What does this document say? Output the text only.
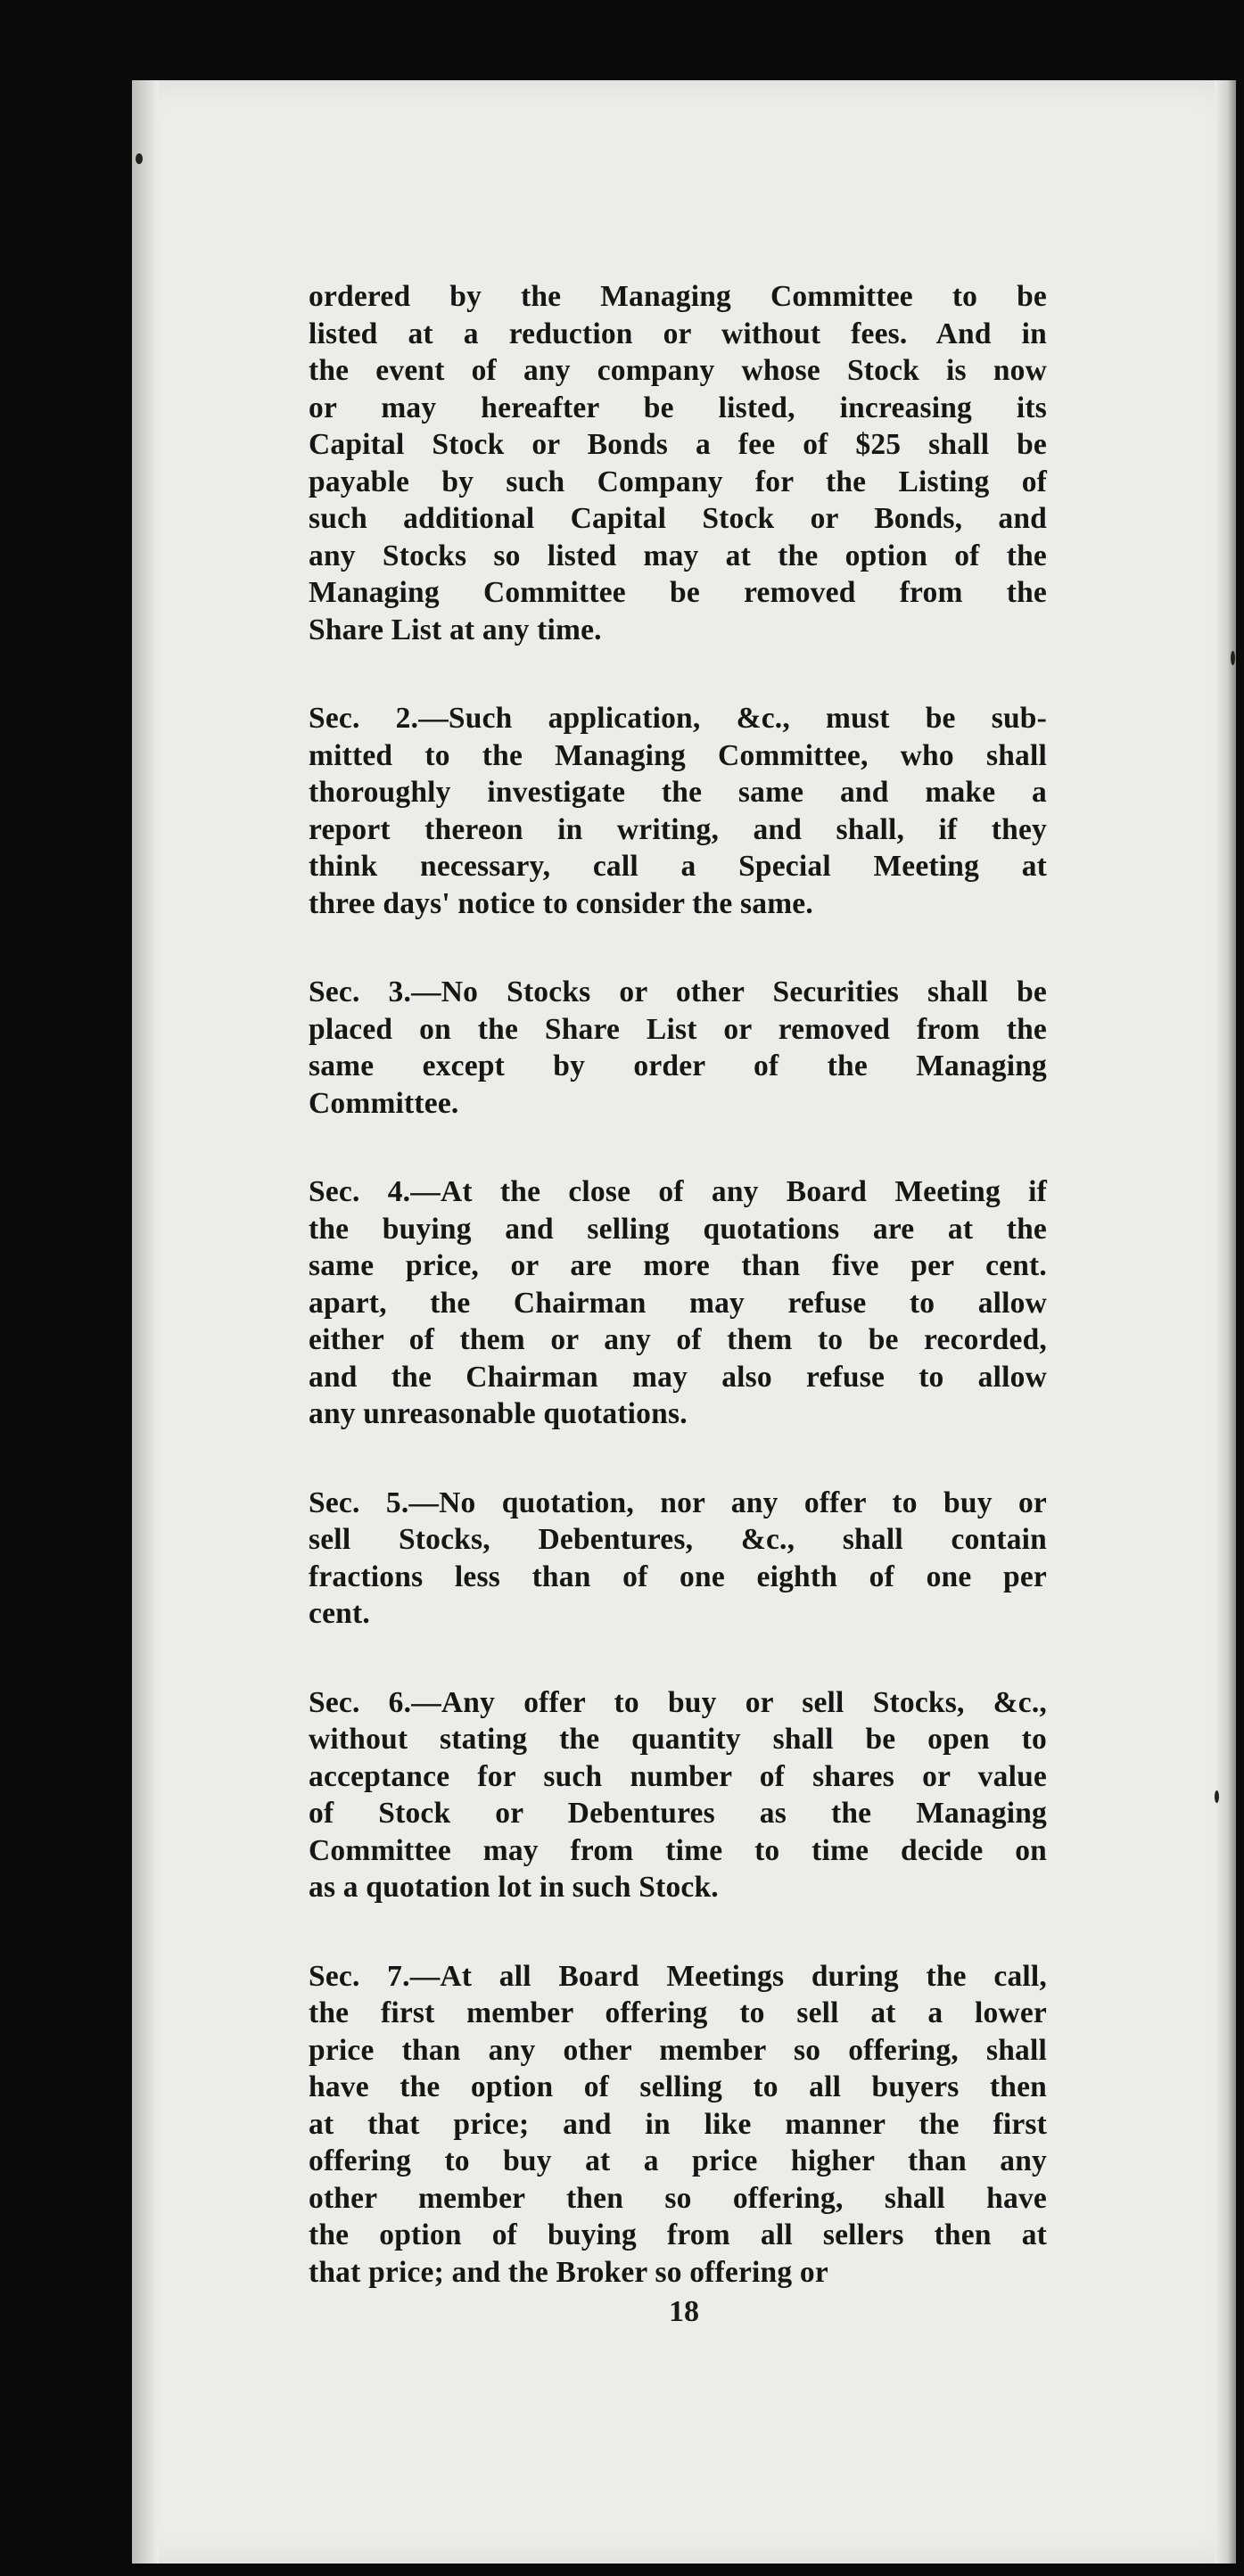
ordered by the Managing Committee to be
listed at a reduction or without fees. And in
the event of any company whose Stock is now
or may hereafter be listed, increasing its
Capital Stock or Bonds a fee of $25 shall be
payable by such Company for the Listing of
such additional Capital Stock or Bonds, and
any Stocks so listed may at the option of the
Managing Committee be removed from the
Share List at any time.
Sec. 2.—Such application, &c., must be sub-
mitted to the Managing Committee, who shall
thoroughly investigate the same and make a
report thereon in writing, and shall, if they
think necessary, call a Special Meeting at
three days' notice to consider the same.
Sec. 3.—No Stocks or other Securities shall be
placed on the Share List or removed from the
same except by order of the Managing
Committee.
Sec. 4.—At the close of any Board Meeting if
the buying and selling quotations are at the
same price, or are more than five per cent.
apart, the Chairman may refuse to allow
either of them or any of them to be recorded,
and the Chairman may also refuse to allow
any unreasonable quotations.
Sec. 5.—No quotation, nor any offer to buy or
sell Stocks, Debentures, &c., shall contain
fractions less than of one eighth of one per
cent.
Sec. 6.—Any offer to buy or sell Stocks, &c.,
without stating the quantity shall be open to
acceptance for such number of shares or value
of Stock or Debentures as the Managing
Committee may from time to time decide on
as a quotation lot in such Stock.
Sec. 7.—At all Board Meetings during the call,
the first member offering to sell at a lower
price than any other member so offering, shall
have the option of selling to all buyers then
at that price; and in like manner the first
offering to buy at a price higher than any
other member then so offering, shall have
the option of buying from all sellers then at
that price; and the Broker so offering or
18
